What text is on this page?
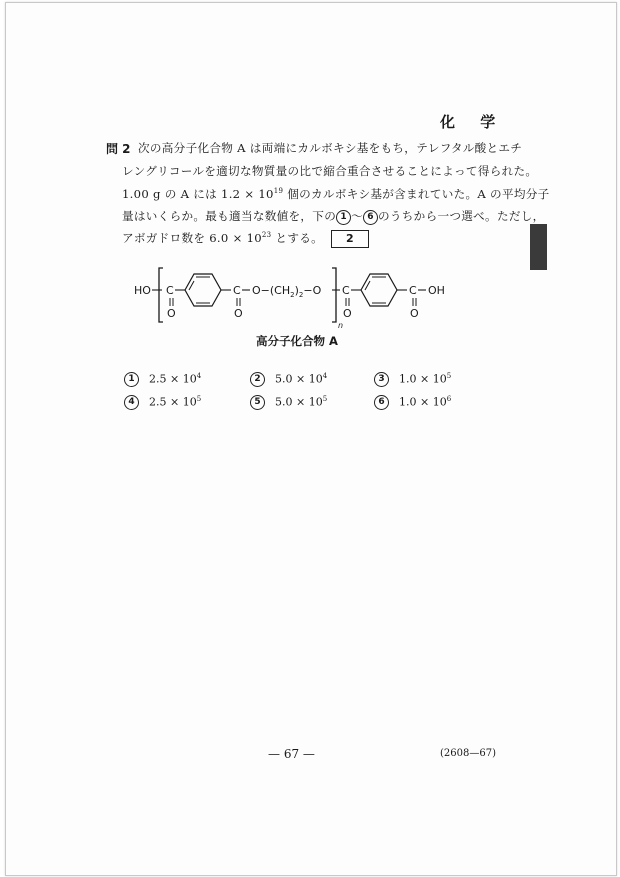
化 学
問 2 次の高分子化合物 A は両端にカルボキシ基をもち，テレフタル酸とエチ
レングリコールを適切な物質量の比で縮合重合させることによって得られた。
1.00 g の A には $1.2 \times 10^{19}$ 個のカルボキシ基が含まれていた。A の平均分子
量はいくらか。最も適当な数値を，下の 1 ～ 6 のうちから一つ選べ。ただし，
アボガドロ数を $6.0 \times 10^{23}$ とする。 2
HO C
O
C
O
$O-(CH_2)_2-O$
n
C
O
C
O
OH
高分子化合物 A
1 $2.5 \times 10^4$	2 $5.0 \times 10^4$	3 $1.0 \times 10^5$
4 $2.5 \times 10^5$	5 $5.0 \times 10^5$	6 $1.0 \times 10^6$
— 67 —	(2608—67)
